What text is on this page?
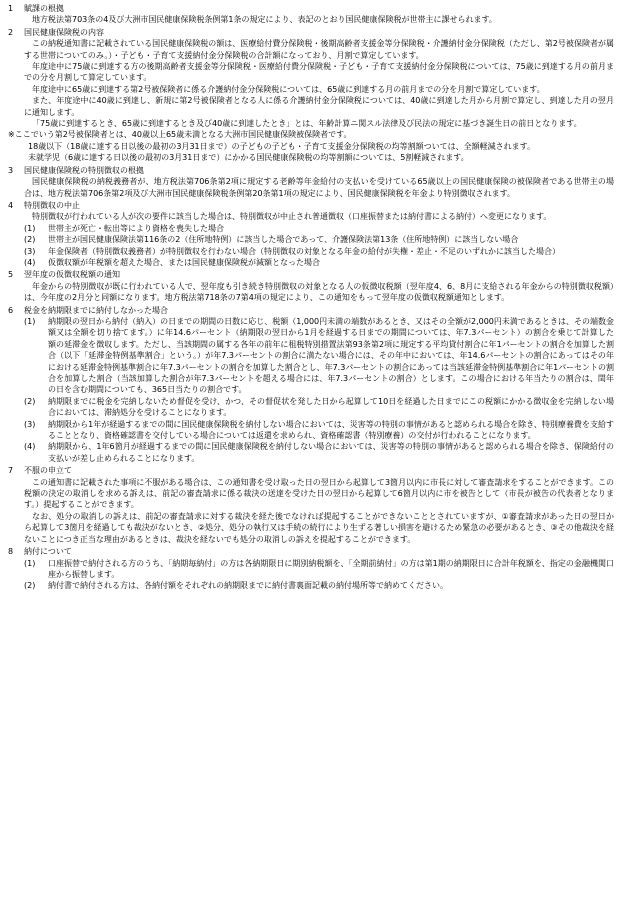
1	賦課の根拠

地方税法第703条の4及び大洲市国民健康保険税条例第1条の規定により、表記のとおり国民健康保険税が世帯主に課せられます。

2	国民健康保険税の内容

この納税通知書に記載されている国民健康保険税の額は、医療給付費分保険税・後期高齢者支援金等分保険税・介護納付金分保険税（ただし、第2号被保険者が属する世帯についてのみ。）・子ども・子育て支援納付金分保険税の合計額になっており、月割で算定しています。

年度途中に75歳に到達する方の後期高齢者支援金等分保険税・医療給付費分保険税・子ども・子育て支援納付金分保険税については、75歳に到達する月の前月までの分を月割して算定しています。

年度途中に65歳に到達する第2号被保険者に係る介護納付金分保険税については、65歳に到達する月の前月までの分を月割で算定しています。

また、年度途中に40歳に到達し、新規に第2号被保険者となる人に係る介護納付金分保険税については、40歳に到達した月から月割で算定し、到達した月の翌月に通知します。

「75歳に到達するとき、65歳に到達するとき及び40歳に到達したとき」とは、年齢計算ニ関スル法律及び民法の規定に基づき誕生日の前日となります。

※ここでいう第2号被保険者とは、40歳以上65歳未満となる大洲市国民健康保険被保険者です。

18歳以下（18歳に達する日以後の最初の3月31日まで）の子どもの子ども・子育て支援金分保険税の均等割額ついては、全額軽減されます。

未就学児（6歳に達する日以後の最初の3月31日まで）にかかる国民健康保険税の均等割額については、5割軽減されます。

3	国民健康保険税の特別徴収の根拠

国民健康保険税の納税義務者が、地方税法第706条第2項に規定する老齢等年金給付の支払いを受けている65歳以上の国民健康保険の被保険者である世帯主の場合は、地方税法第706条第2項及び大洲市国民健康保険税条例第20条第1項の規定により、国民健康保険税を年金より特別徴収されます。

4	特別徴収の中止

特別徴収が行われている人が次の要件に該当した場合は、特別徴収が中止され普通徴収（口座振替または納付書による納付）へ変更になります。

(1)	世帯主が死亡・転出等により資格を喪失した場合
(2)	世帯主が国民健康保険法第116条の2（住所地特例）に該当した場合であって、介護保険法第13条（住所地特例）に該当しない場合
(3)	年金保険者（特別徴収義務者）が特別徴収を行わない場合（特別徴収の対象となる年金の給付が失権・差止・不足のいずれかに該当した場合）
(4)	仮徴収額が年税額を超えた場合、または国民健康保険税が減額となった場合
5	翌年度の仮徴収税額の通知

年金からの特別徴収が既に行われている人で、翌年度も引き続き特別徴収の対象となる人の仮徴収税額（翌年度4、6、8月に支給される年金からの特別徴収税額）は、今年度の2月分と同額になります。地方税法第718条の7第4項の規定により、この通知をもって翌年度の仮徴収税額通知とします。

6	税金を納期限までに納付しなかった場合
(1)	納期限の翌日から納付（納入）の日までの期間の日数に応じ、税額（1,000円未満の端数があるとき、又はその全額が2,000円未満であるときは、その端数金額又は全額を切り捨てます。）に年14.6パーセント（納期限の翌日から1月を経過する日までの期間については、年7.3パーセント）の割合を乗じて計算した額の延滞金を徴収します。ただし、当該期間の属する各年の前年に租税特別措置法第93条第2項に規定する平均貸付割合に年1パーセントの割合を加算した割合（以下「延滞金特例基準割合」という。）が年7.3パーセントの割合に満たない場合には、その年中においては、年14.6パーセントの割合にあってはその年における延滞金特例基準割合に年7.3パーセントの割合を加算した割合とし、年7.3パーセントの割合にあっては当該延滞金特例基準割合に年1パーセントの割合を加算した割合（当該加算した割合が年7.3パーセントを超える場合には、年7.3パーセントの割合）とします。この場合における年当たりの割合は、閏年の日を含む期間についても、365日当たりの割合です。
(2)	納期限までに税金を完納しないため督促を受け、かつ、その督促状を発した日から起算して10日を経過した日までにこの税額にかかる徴収金を完納しない場合においては、滞納処分を受けることになります。
(3)	納期限から1年が経過するまでの間に国民健康保険税を納付しない場合においては、災害等の特別の事情があると認められる場合を除き、特別療養費を支給することとなり、資格確認書を交付している場合については返還を求められ、資格確認書（特別療養）の交付が行われることになります。
(4)	納期限から、1年6箇月が経過するまでの間に国民健康保険税を納付しない場合においては、災害等の特別の事情があると認められる場合を除き、保険給付の支払いが差し止められることになります。
7	不服の申立て

この通知書に記載された事項に不服がある場合は、この通知書を受け取った日の翌日から起算して3箇月以内に市長に対して審査請求をすることができます。この税額の決定の取消しを求める訴えは、前記の審査請求に係る裁決の送達を受けた日の翌日から起算して6箇月以内に市を被告として（市長が被告の代表者となります。）提起することができます。

なお、処分の取消しの訴えは、前記の審査請求に対する裁決を経た後でなければ提起することができないこととされていますが、①審査請求があった日の翌日から起算して3箇月を経過しても裁決がないとき、②処分、処分の執行又は手続の続行により生ずる著しい損害を避けるため緊急の必要があるとき、③その他裁決を経ないことにつき正当な理由があるときは、裁決を経ないでも処分の取消しの訴えを提起することができます。

8	納付について
(1)	口座振替で納付される方のうち、「納期毎納付」の方は各納期限日に期別納税額を、「全期前納付」の方は第1期の納期限日に合計年税額を、指定の金融機関口座から振替します。
(2)	納付書で納付される方は、各納付額をそれぞれの納期限までに納付書裏面記載の納付場所等で納めてください。
